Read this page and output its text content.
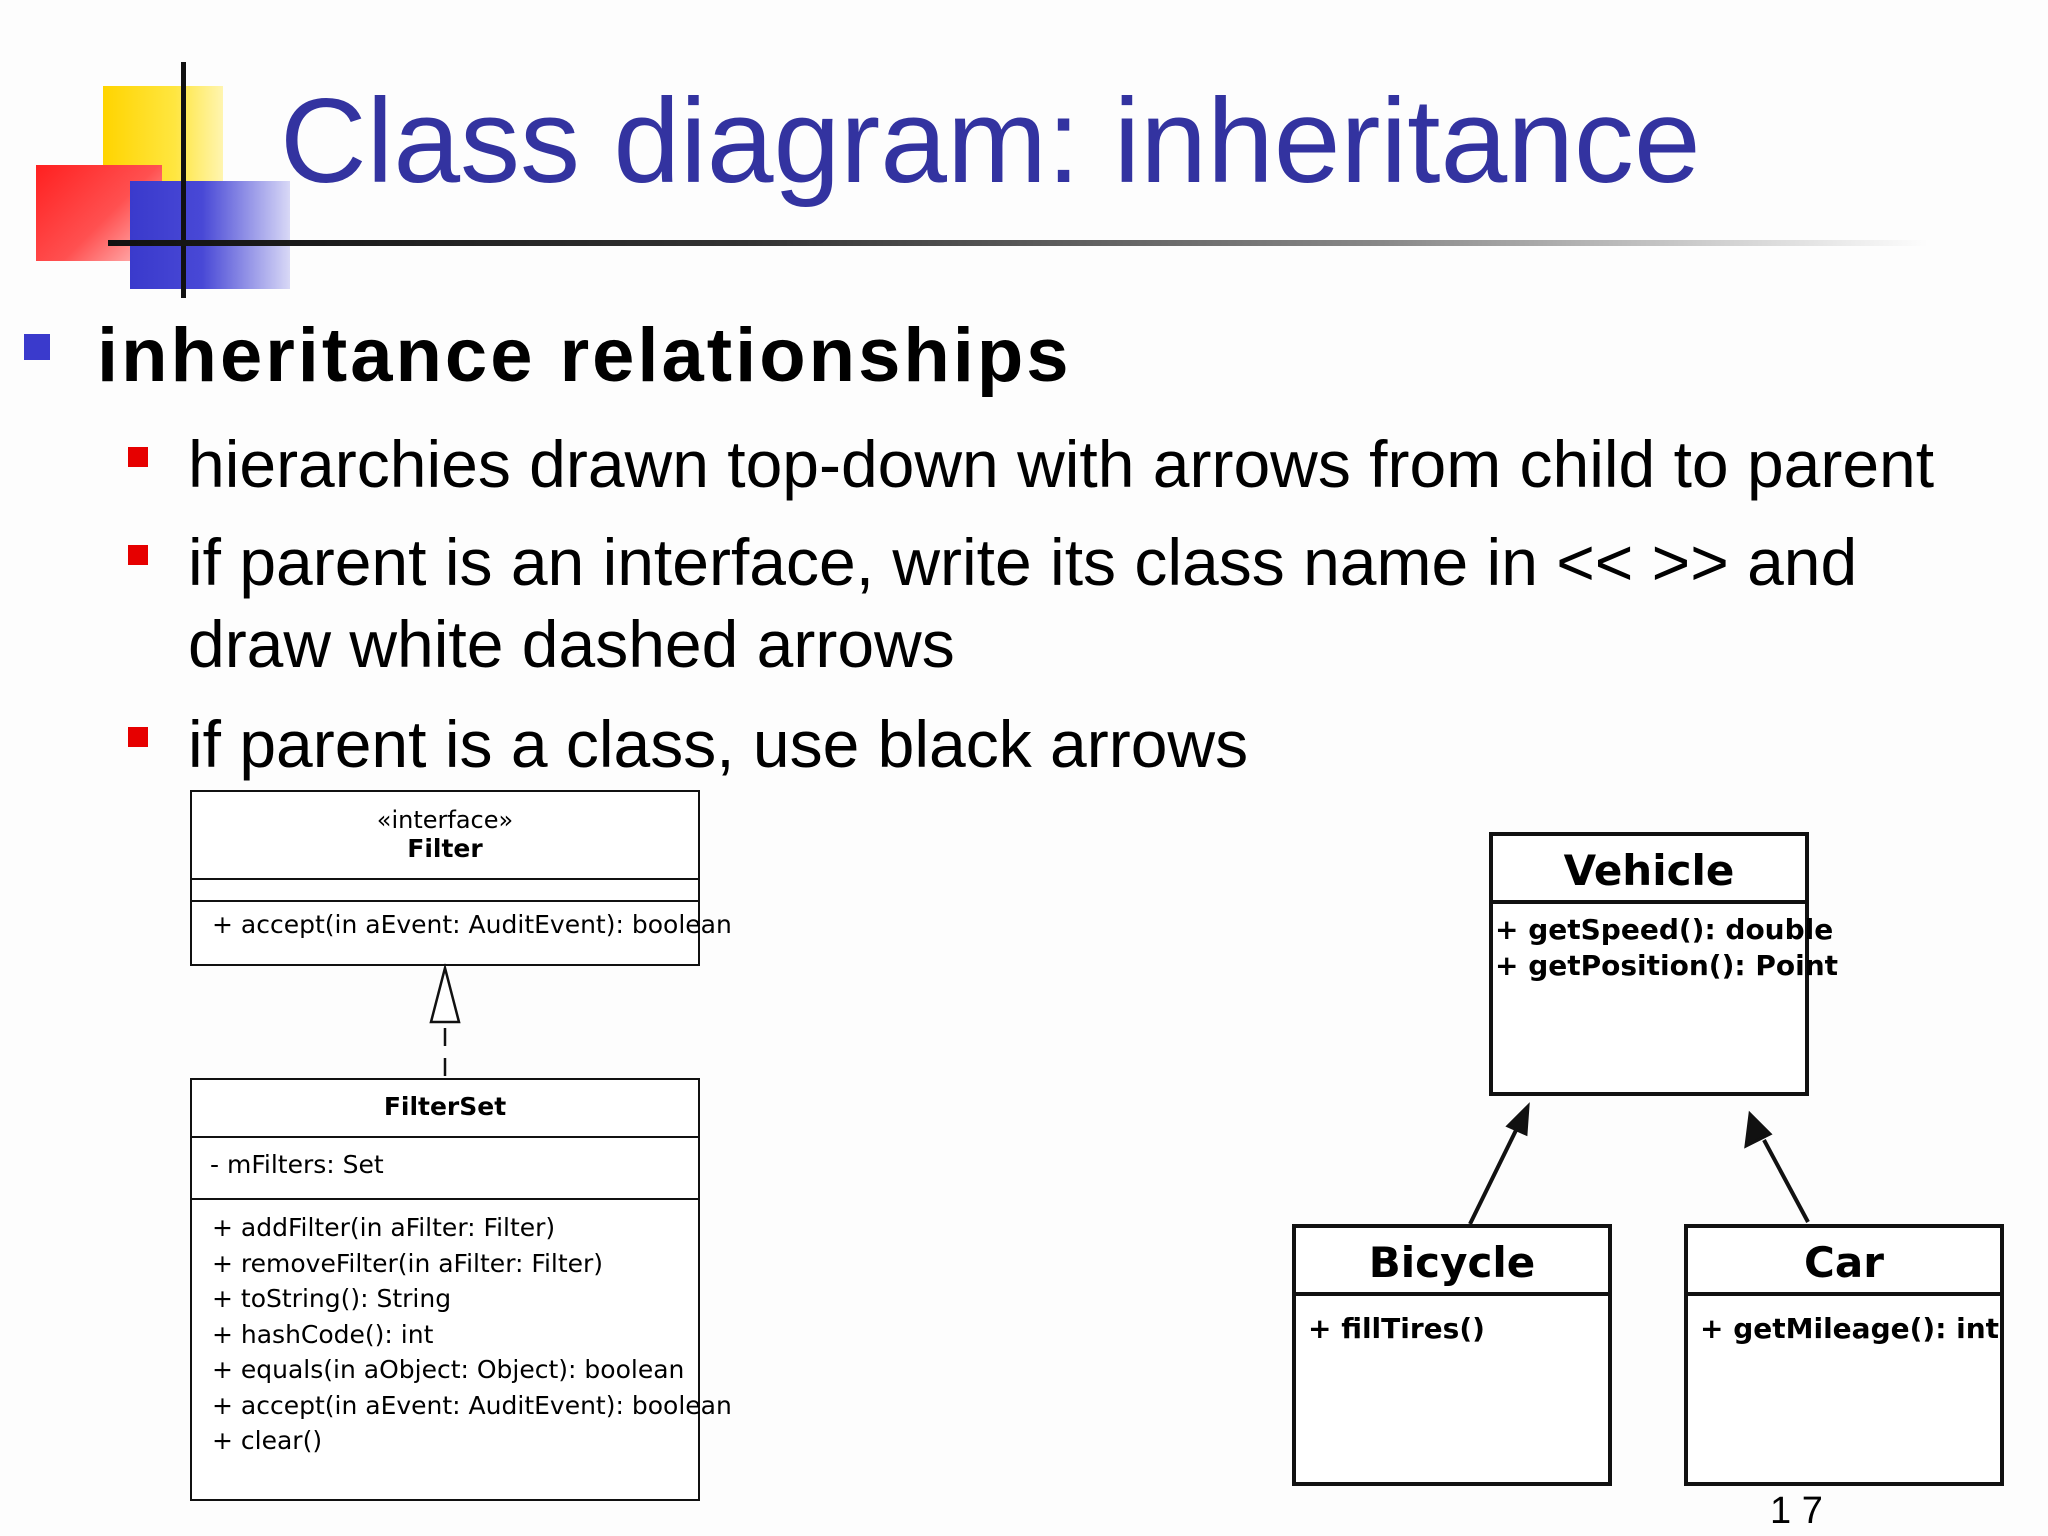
Class diagram: inheritance
inheritance relationships
hierarchies drawn top-down with arrows from child to parent
if parent is an interface, write its class name in << >> and
draw white dashed arrows
if parent is a class, use black arrows
«interface»
Filter
+ accept(in aEvent: AuditEvent): boolean
FilterSet
- mFilters: Set
+ addFilter(in aFilter: Filter)
+ removeFilter(in aFilter: Filter)
+ toString(): String
+ hashCode(): int
+ equals(in aObject: Object): boolean
+ accept(in aEvent: AuditEvent): boolean
+ clear()
Vehicle
+ getSpeed(): double
+ getPosition(): Point
Bicycle
+ fillTires()
Car
+ getMileage(): int
1 7
